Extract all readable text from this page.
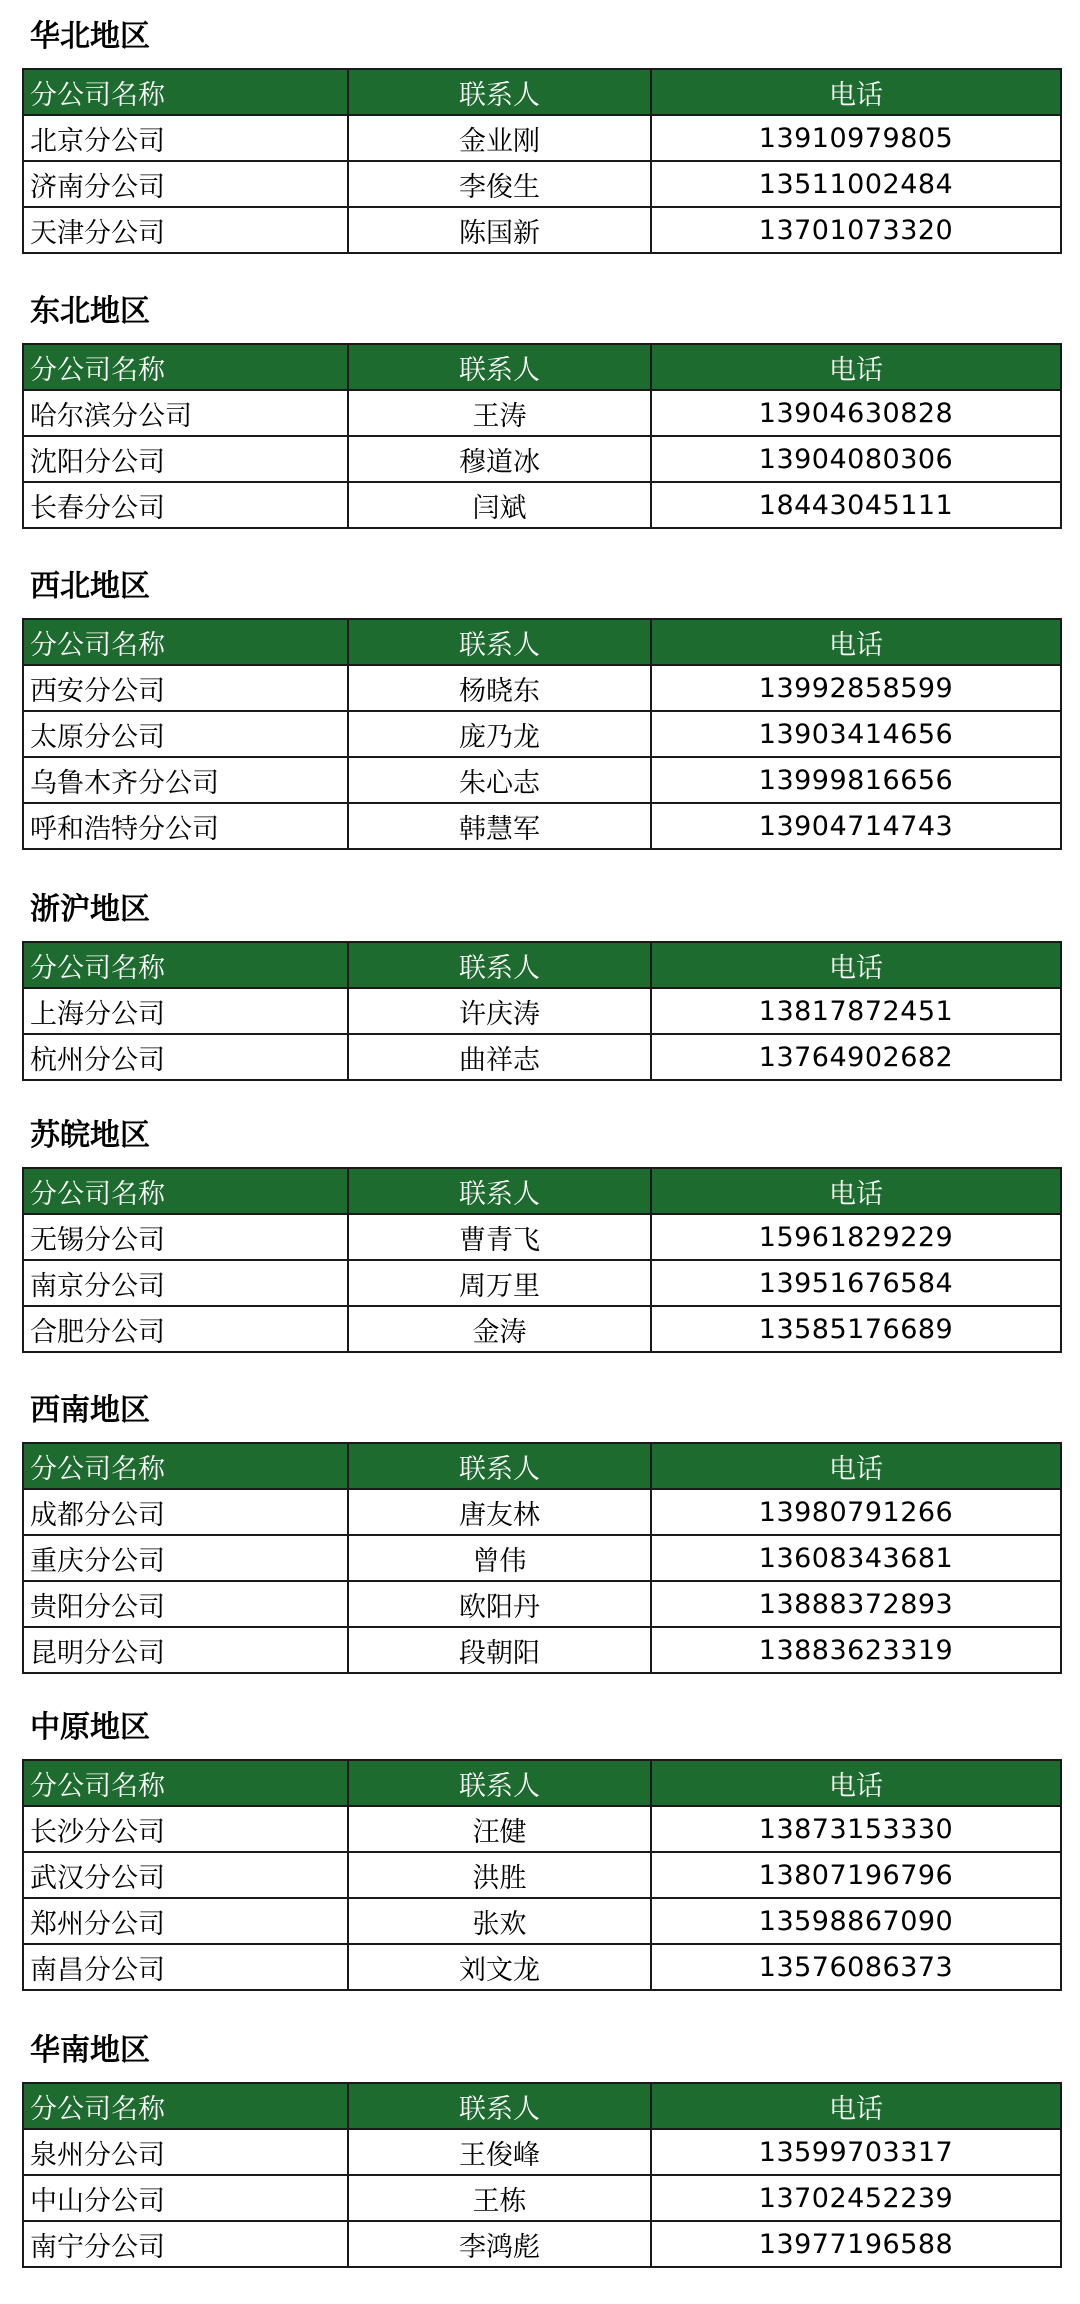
华北地区
分公司名称	联系人	电话
北京分公司	金业刚	13910979805
济南分公司	李俊生	13511002484
天津分公司	陈国新	13701073320
东北地区
分公司名称	联系人	电话
哈尔滨分公司	王涛	13904630828
沈阳分公司	穆道冰	13904080306
长春分公司	闫斌	18443045111
西北地区
分公司名称	联系人	电话
西安分公司	杨晓东	13992858599
太原分公司	庞乃龙	13903414656
乌鲁木齐分公司	朱心志	13999816656
呼和浩特分公司	韩慧军	13904714743
浙沪地区
分公司名称	联系人	电话
上海分公司	许庆涛	13817872451
杭州分公司	曲祥志	13764902682
苏皖地区
分公司名称	联系人	电话
无锡分公司	曹青飞	15961829229
南京分公司	周万里	13951676584
合肥分公司	金涛	13585176689
西南地区
分公司名称	联系人	电话
成都分公司	唐友林	13980791266
重庆分公司	曾伟	13608343681
贵阳分公司	欧阳丹	13888372893
昆明分公司	段朝阳	13883623319
中原地区
分公司名称	联系人	电话
长沙分公司	汪健	13873153330
武汉分公司	洪胜	13807196796
郑州分公司	张欢	13598867090
南昌分公司	刘文龙	13576086373
华南地区
分公司名称	联系人	电话
泉州分公司	王俊峰	13599703317
中山分公司	王栋	13702452239
南宁分公司	李鸿彪	13977196588
